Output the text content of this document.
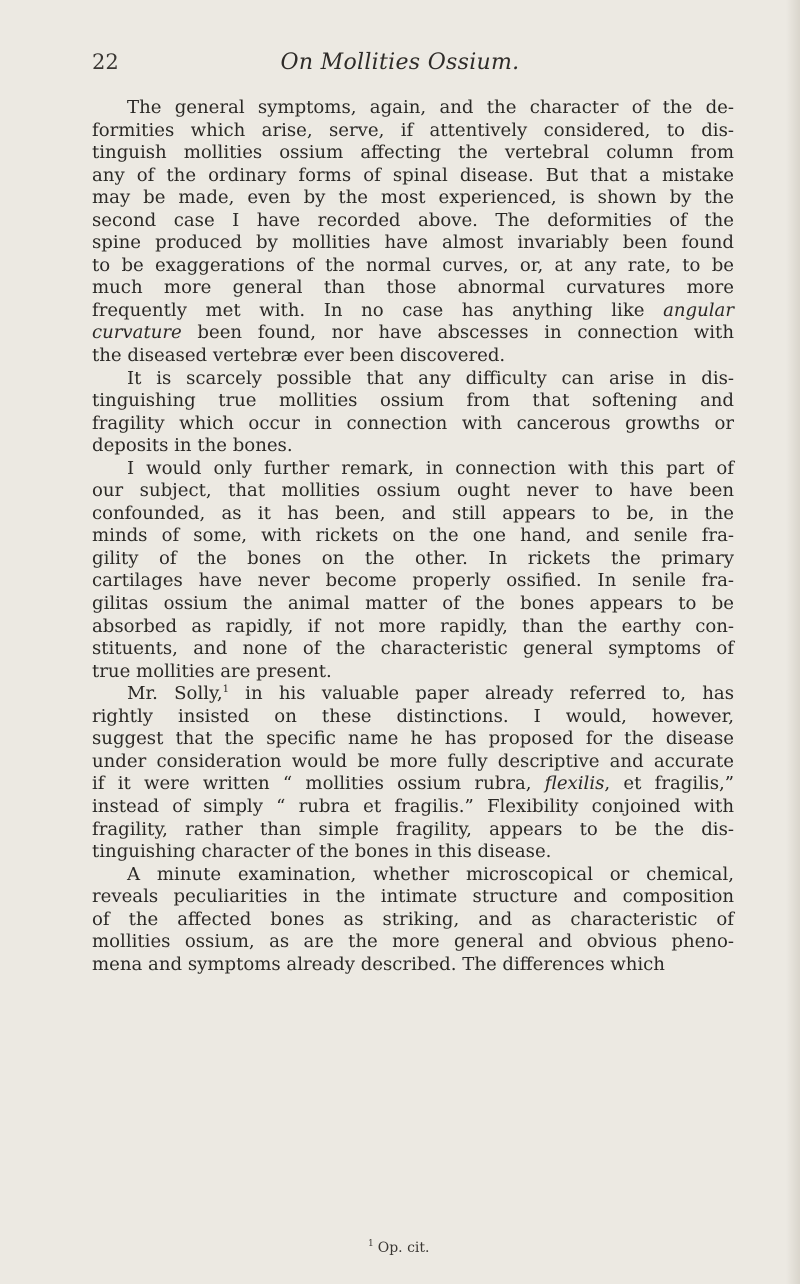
22	On Mollities Ossium.
The general symptoms, again, and the character of the de-
formities which arise, serve, if attentively considered, to dis-
tinguish mollities ossium affecting the vertebral column from
any of the ordinary forms of spinal disease. But that a mistake
may be made, even by the most experienced, is shown by the
second case I have recorded above. The deformities of the
spine produced by mollities have almost invariably been found
to be exaggerations of the normal curves, or, at any rate, to be
much more general than those abnormal curvatures more
frequently met with. In no case has anything like angular
curvature been found, nor have abscesses in connection with
the diseased vertebræ ever been discovered.
It is scarcely possible that any difficulty can arise in dis-
tinguishing true mollities ossium from that softening and
fragility which occur in connection with cancerous growths or
deposits in the bones.
I would only further remark, in connection with this part of
our subject, that mollities ossium ought never to have been
confounded, as it has been, and still appears to be, in the
minds of some, with rickets on the one hand, and senile fra-
gility of the bones on the other. In rickets the primary
cartilages have never become properly ossified. In senile fra-
gilitas ossium the animal matter of the bones appears to be
absorbed as rapidly, if not more rapidly, than the earthy con-
stituents, and none of the characteristic general symptoms of
true mollities are present.
Mr. Solly,$^1$ in his valuable paper already referred to, has
rightly insisted on these distinctions. I would, however,
suggest that the specific name he has proposed for the disease
under consideration would be more fully descriptive and accurate
if it were written “ mollities ossium rubra, flexilis, et fragilis,”
instead of simply “ rubra et fragilis.” Flexibility conjoined with
fragility, rather than simple fragility, appears to be the dis-
tinguishing character of the bones in this disease.
A minute examination, whether microscopical or chemical,
reveals peculiarities in the intimate structure and composition
of the affected bones as striking, and as characteristic of
mollities ossium, as are the more general and obvious pheno-
mena and symptoms already described. The differences which
$^1$ Op. cit.
